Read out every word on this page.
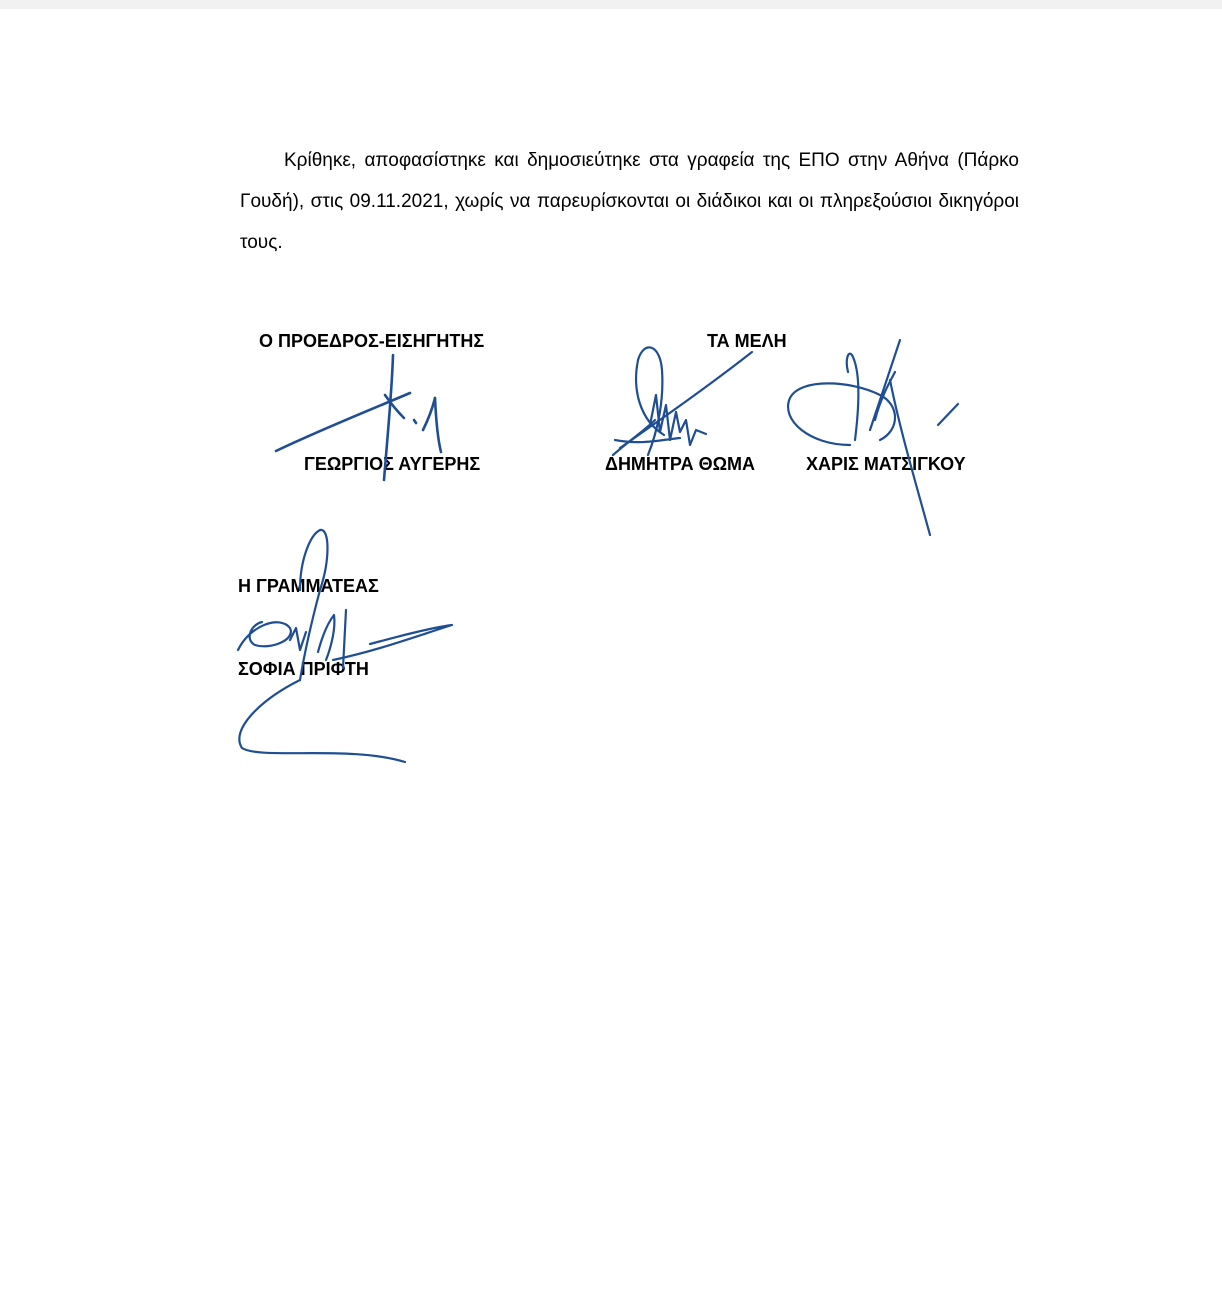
Κρίθηκε, αποφασίστηκε και δημοσιεύτηκε στα γραφεία της ΕΠΟ στην Αθήνα (Πάρκο Γουδή), στις 09.11.2021, χωρίς να παρευρίσκονται οι διάδικοι και οι πληρεξούσιοι δικηγόροι τους.

Ο ΠΡΟΕΔΡΟΣ-ΕΙΣΗΓΗΤΗΣ	ΤΑ ΜΕΛΗ
ΓΕΩΡΓΙΟΣ ΑΥΓΕΡΗΣ	ΔΗΜΗΤΡΑ ΘΩΜΑ	ΧΑΡΙΣ ΜΑΤΣΙΓΚΟΥ
Η ΓΡΑΜΜΑΤΕΑΣ
ΣΟΦΙΑ ΠΡΙΦΤΗ
